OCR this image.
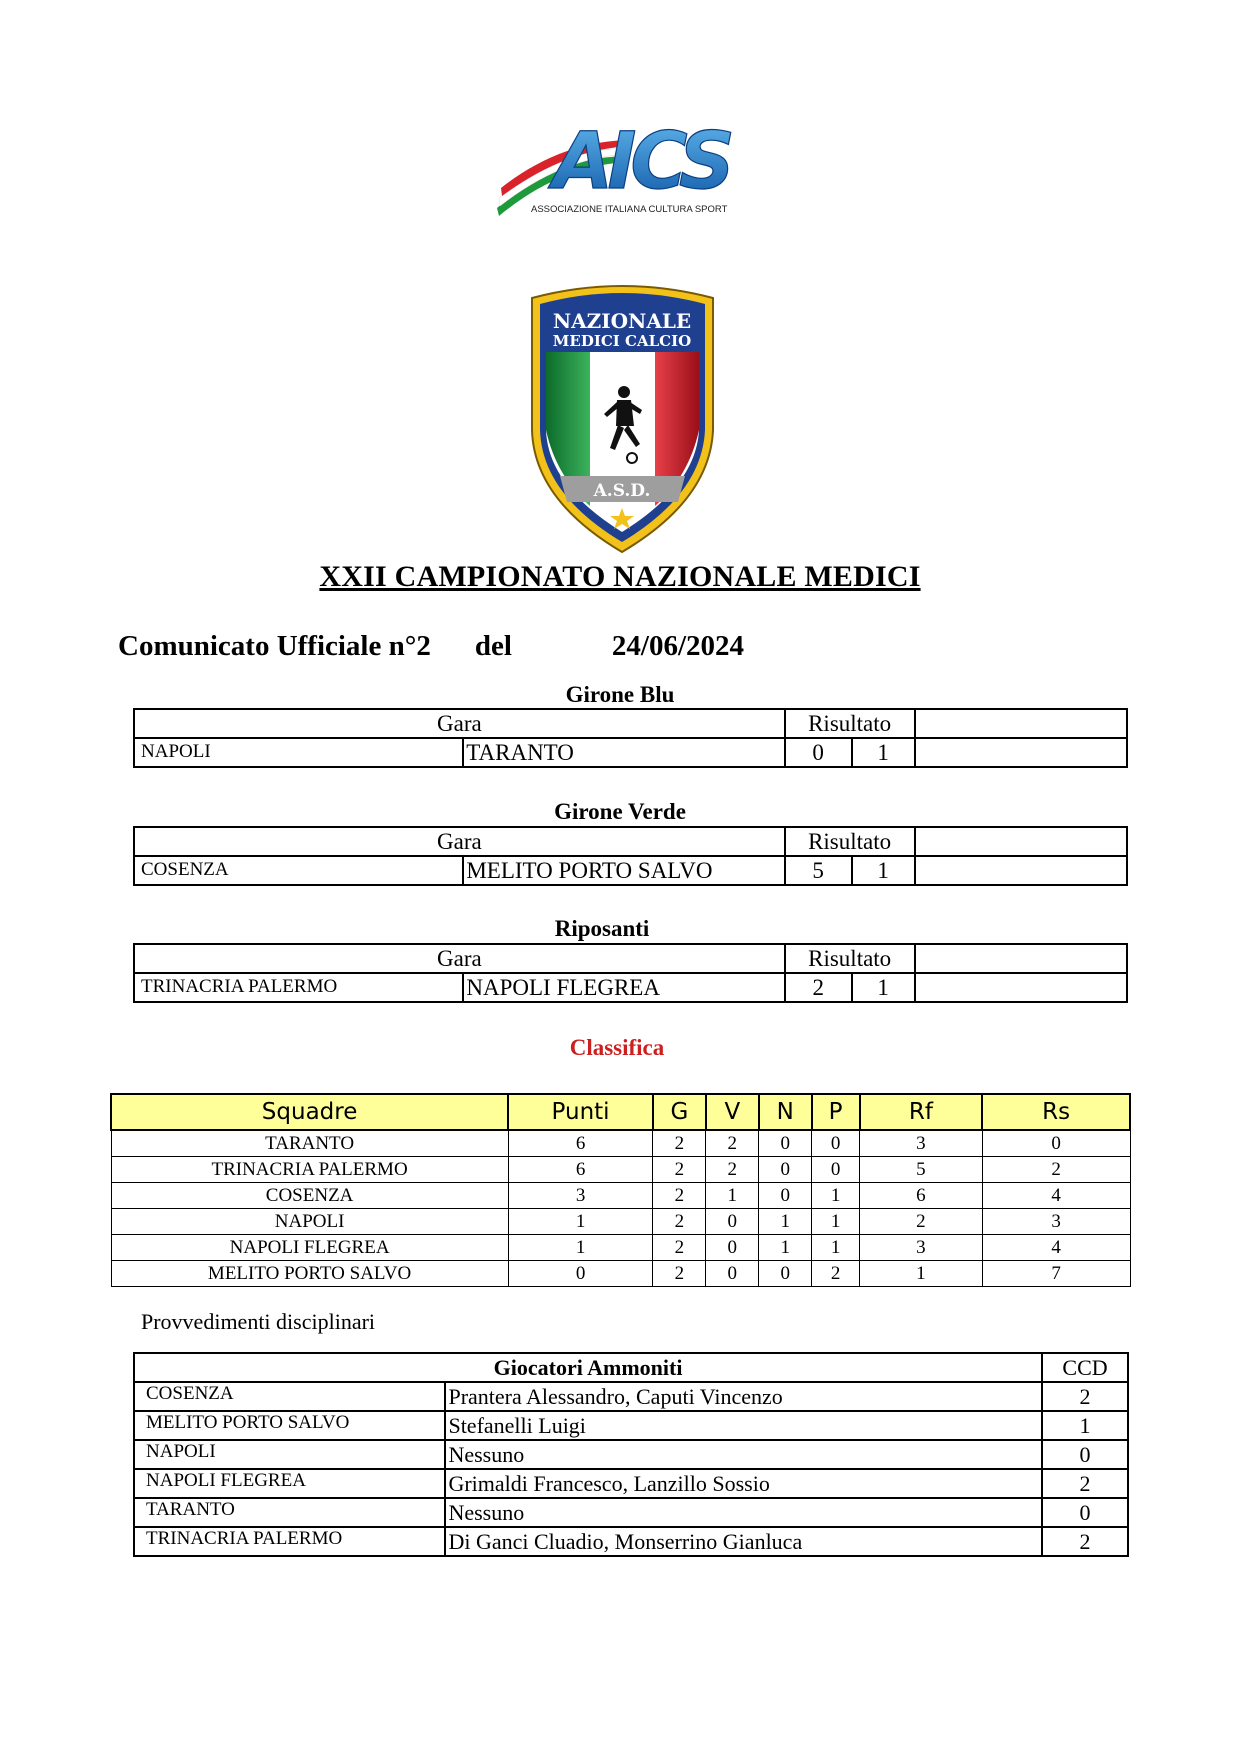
AICS
ASSOCIAZIONE ITALIANA CULTURA SPORT
NAZIONALE
MEDICI CALCIO
A.S.D.
XXII CAMPIONATO NAZIONALE MEDICI
Comunicato Ufficiale n°2 del	24/06/2024
Girone Blu
Gara		Risultato		
NAPOLI	TARANTO	0	1	
Girone Verde
Gara		Risultato		
COSENZA	MELITO PORTO SALVO	5	1	
Riposanti
Gara		Risultato		
TRINACRIA PALERMO	NAPOLI FLEGREA	2	1	
Classifica
Squadre	Punti	G	V	N	P	Rf	Rs
TARANTO	6	2	2	0	0	3	0
TRINACRIA PALERMO	6	2	2	0	0	5	2
COSENZA	3	2	1	0	1	6	4
NAPOLI	1	2	0	1	1	2	3
NAPOLI FLEGREA	1	2	0	1	1	3	4
MELITO PORTO SALVO	0	2	0	0	2	1	7
Provvedimenti disciplinari
Giocatori Ammoniti		CCD
COSENZA	Prantera Alessandro, Caputi Vincenzo	2
MELITO PORTO SALVO	Stefanelli Luigi	1
NAPOLI	Nessuno	0
NAPOLI FLEGREA	Grimaldi Francesco, Lanzillo Sossio	2
TARANTO	Nessuno	0
TRINACRIA PALERMO	Di Ganci Cluadio, Monserrino Gianluca	2
